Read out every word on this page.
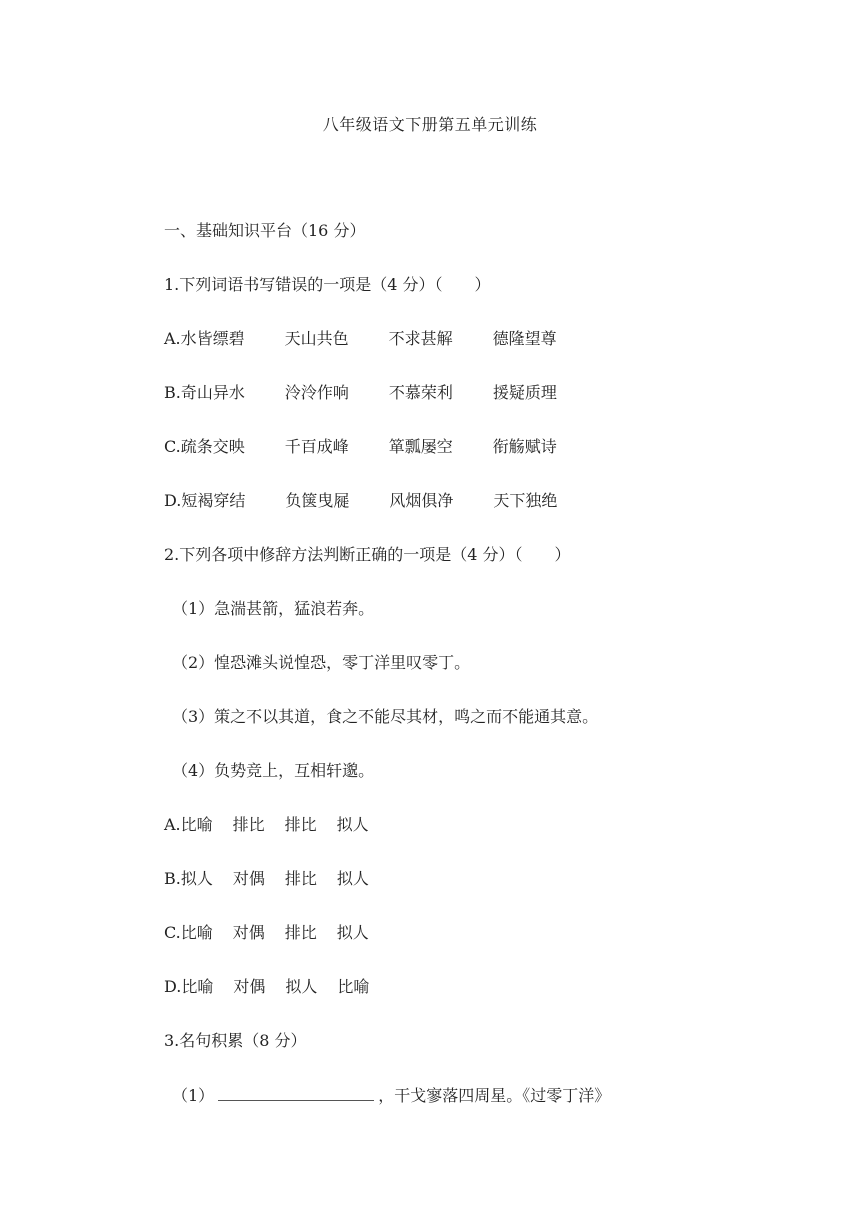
八年级语文下册第五单元训练
一、基础知识平台（16 分）
1.下列词语书写错误的一项是（4 分）（　　）
A.水皆缥碧 天山共色 不求甚解 德隆望尊
B.奇山异水 泠泠作响 不慕荣利 援疑质理
C.疏条交映 千百成峰 箪瓢屡空 衔觞赋诗
D.短褐穿结 负箧曳屣 风烟俱净 天下独绝
2.下列各项中修辞方法判断正确的一项是（4 分）（　　）
（1）急湍甚箭，猛浪若奔。
（2）惶恐滩头说惶恐，零丁洋里叹零丁。
（3）策之不以其道，食之不能尽其材，鸣之而不能通其意。
（4）负势竞上，互相轩邈。
A.比喻 排比 排比 拟人
B.拟人 对偶 排比 拟人
C.比喻 对偶 排比 拟人
D.比喻 对偶 拟人 比喻
3.名句积累（8 分）
（1）	，干戈寥落四周星。《过零丁洋》
